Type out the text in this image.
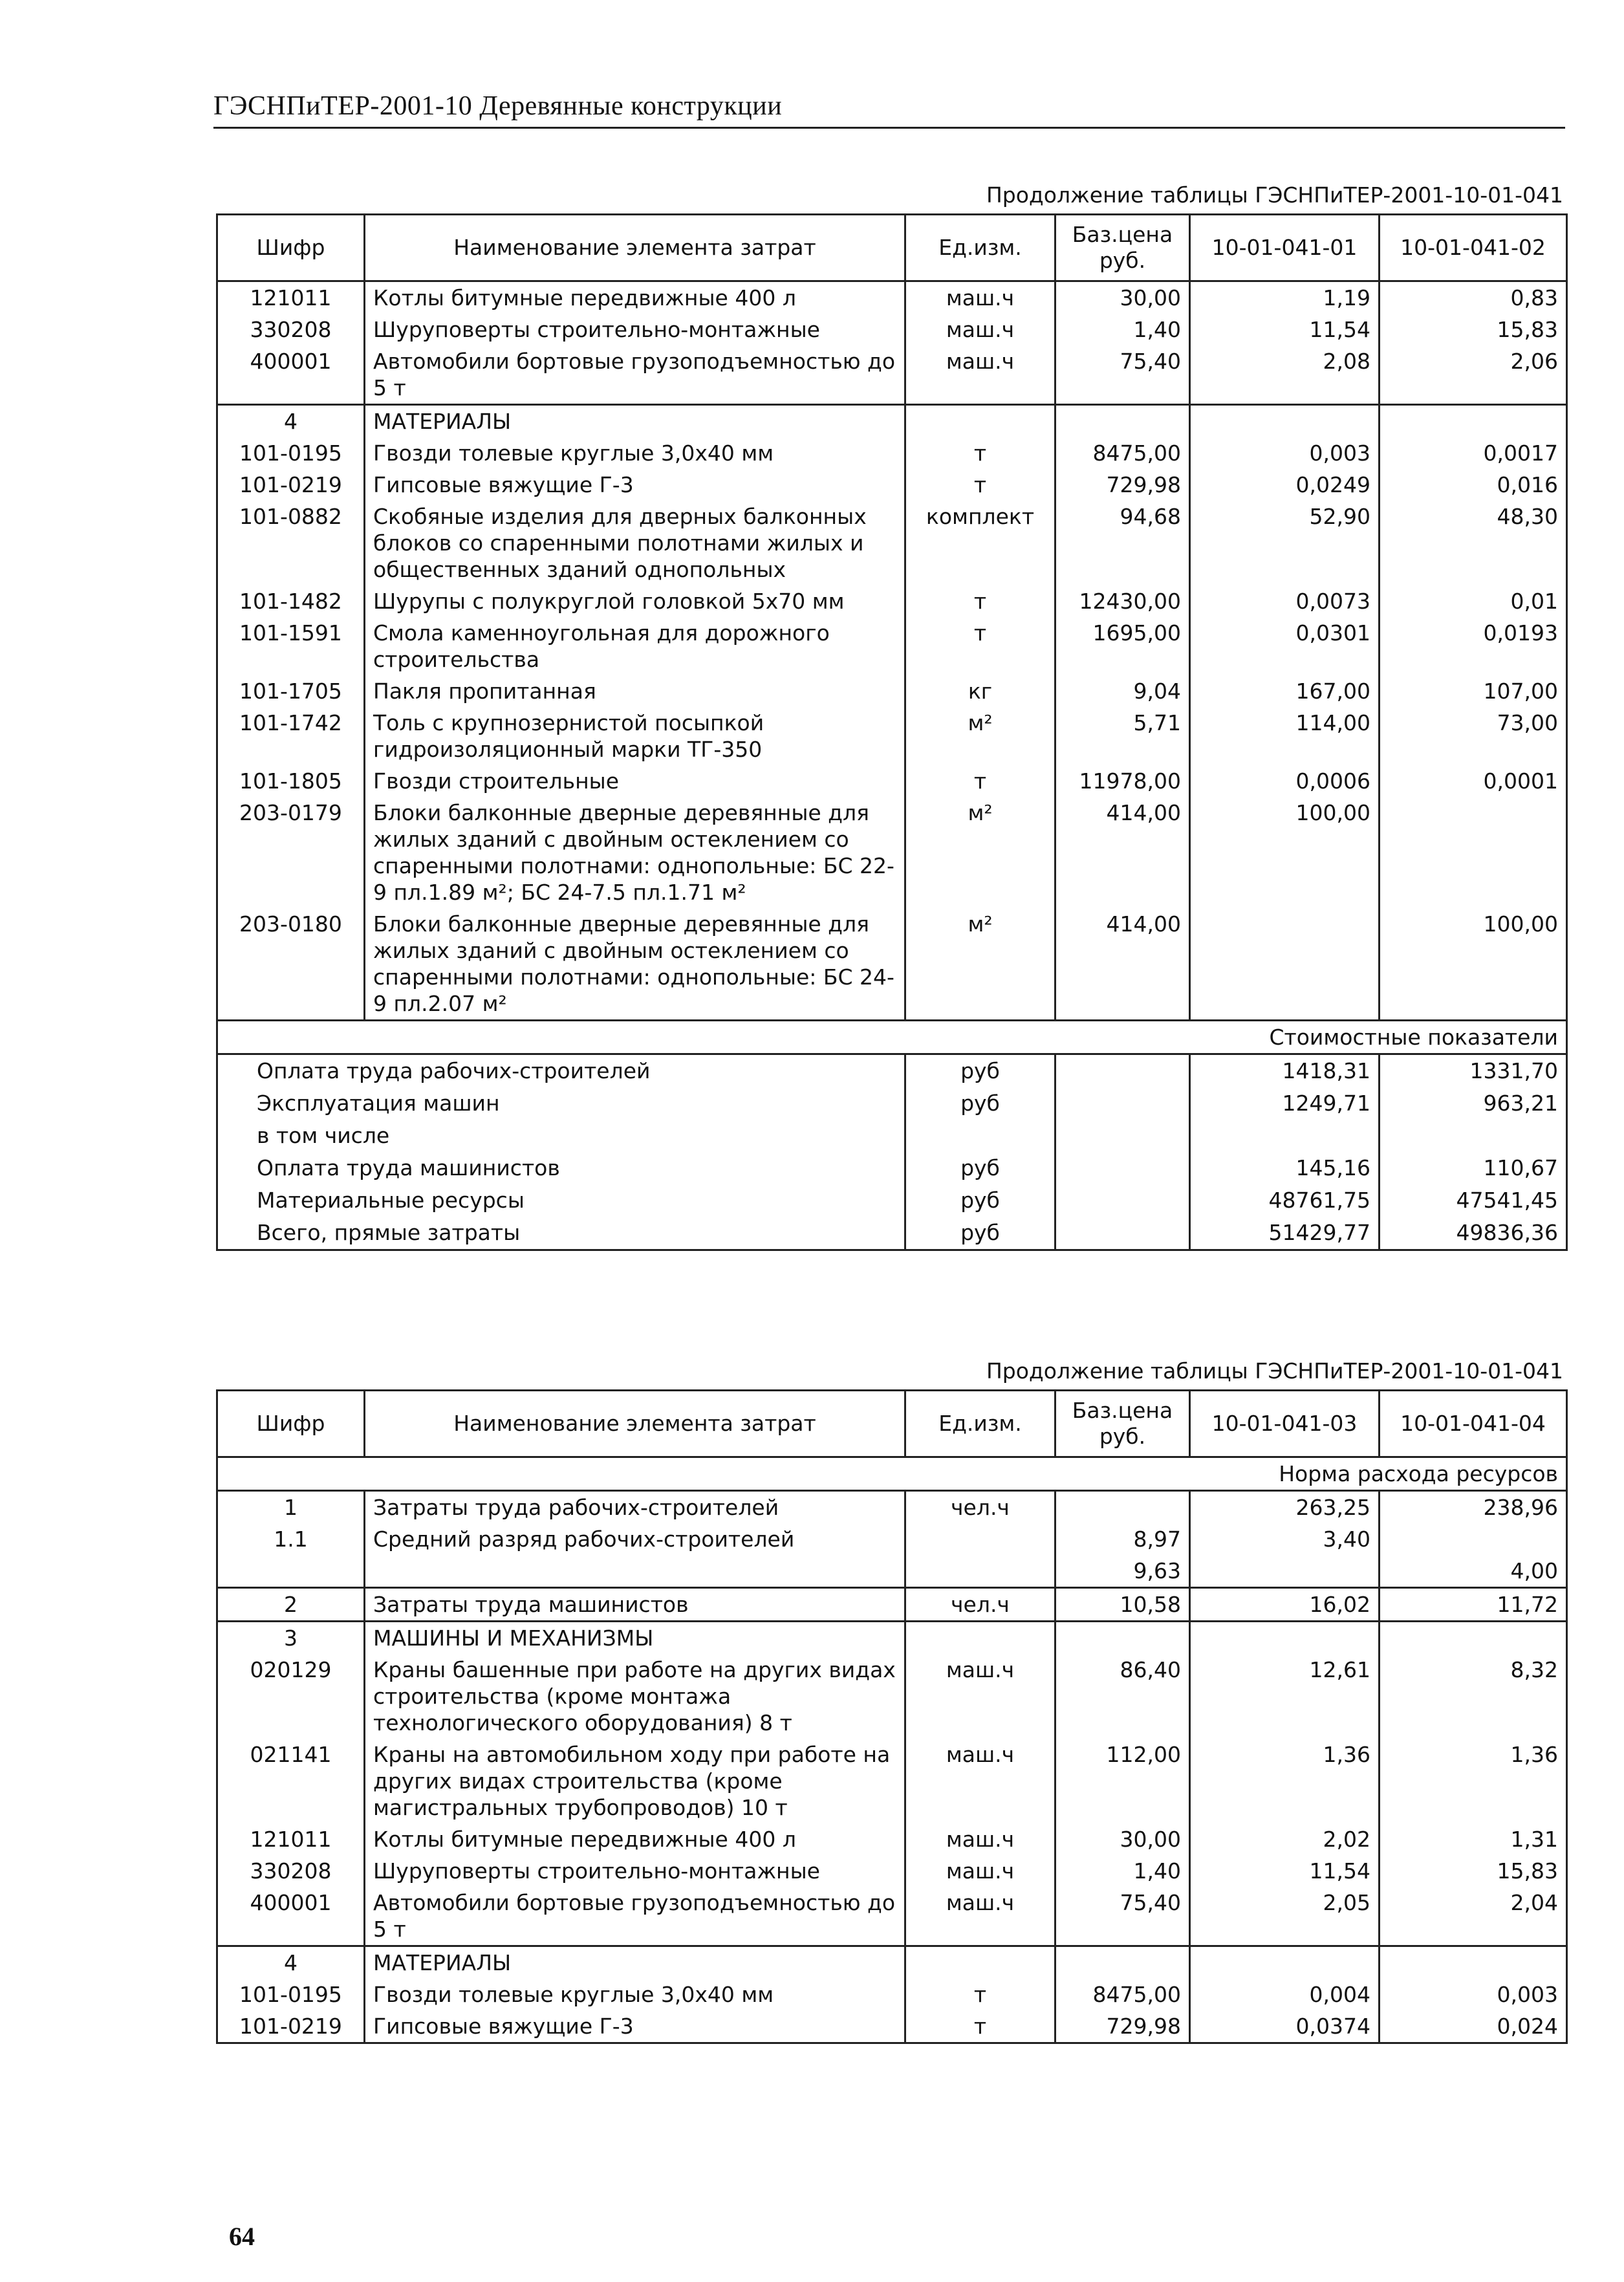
ГЭСНПиТЕР-2001-10 Деревянные конструкции
Продолжение таблицы ГЭСНПиТЕР-2001-10-01-041
Шифр	Наименование элемента затрат	Ед.изм.	Баз.цена руб.	10-01-041-01	10-01-041-02
121011	Котлы битумные передвижные 400 л	маш.ч	30,00	1,19	0,83
330208	Шуруповерты строительно-монтажные	маш.ч	1,40	11,54	15,83
400001	Автомобили бортовые грузоподъемностью до 5 т	маш.ч	75,40	2,08	2,06
4	МАТЕРИАЛЫ				
101-0195	Гвозди толевые круглые 3,0х40 мм	т	8475,00	0,003	0,0017
101-0219	Гипсовые вяжущие Г-3	т	729,98	0,0249	0,016
101-0882	Скобяные изделия для дверных балконных блоков со спаренными полотнами жилых и общественных зданий однопольных	комплект	94,68	52,90	48,30
101-1482	Шурупы с полукруглой головкой 5х70 мм	т	12430,00	0,0073	0,01
101-1591	Смола каменноугольная для дорожного строительства	т	1695,00	0,0301	0,0193
101-1705	Пакля пропитанная	кг	9,04	167,00	107,00
101-1742	Толь с крупнозернистой посыпкой гидроизоляционный марки ТГ-350	м²	5,71	114,00	73,00
101-1805	Гвозди строительные	т	11978,00	0,0006	0,0001
203-0179	Блоки балконные дверные деревянные для жилых зданий с двойным остеклением со спаренными полотнами: однопольные: БС 22-9 пл.1.89 м²; БС 24-7.5 пл.1.71 м²	м²	414,00	100,00	
203-0180	Блоки балконные дверные деревянные для жилых зданий с двойным остеклением со спаренными полотнами: однопольные: БС 24-9 пл.2.07 м²	м²	414,00		100,00
Стоимостные показатели					
Оплата труда рабочих-строителей		руб		1418,31	1331,70
Эксплуатация машин		руб		1249,71	963,21
в том числе					
Оплата труда машинистов		руб		145,16	110,67
Материальные ресурсы		руб		48761,75	47541,45
Всего, прямые затраты		руб		51429,77	49836,36
Продолжение таблицы ГЭСНПиТЕР-2001-10-01-041
Шифр	Наименование элемента затрат	Ед.изм.	Баз.цена руб.	10-01-041-03	10-01-041-04
Норма расхода ресурсов					
1	Затраты труда рабочих-строителей	чел.ч		263,25	238,96
1.1	Средний разряд рабочих-строителей		8,97	3,40	
			9,63		4,00
2	Затраты труда машинистов	чел.ч	10,58	16,02	11,72
3	МАШИНЫ И МЕХАНИЗМЫ				
020129	Краны башенные при работе на других видах строительства (кроме монтажа технологического оборудования) 8 т	маш.ч	86,40	12,61	8,32
021141	Краны на автомобильном ходу при работе на других видах строительства (кроме магистральных трубопроводов) 10 т	маш.ч	112,00	1,36	1,36
121011	Котлы битумные передвижные 400 л	маш.ч	30,00	2,02	1,31
330208	Шуруповерты строительно-монтажные	маш.ч	1,40	11,54	15,83
400001	Автомобили бортовые грузоподъемностью до 5 т	маш.ч	75,40	2,05	2,04
4	МАТЕРИАЛЫ				
101-0195	Гвозди толевые круглые 3,0х40 мм	т	8475,00	0,004	0,003
101-0219	Гипсовые вяжущие Г-3	т	729,98	0,0374	0,024
64
